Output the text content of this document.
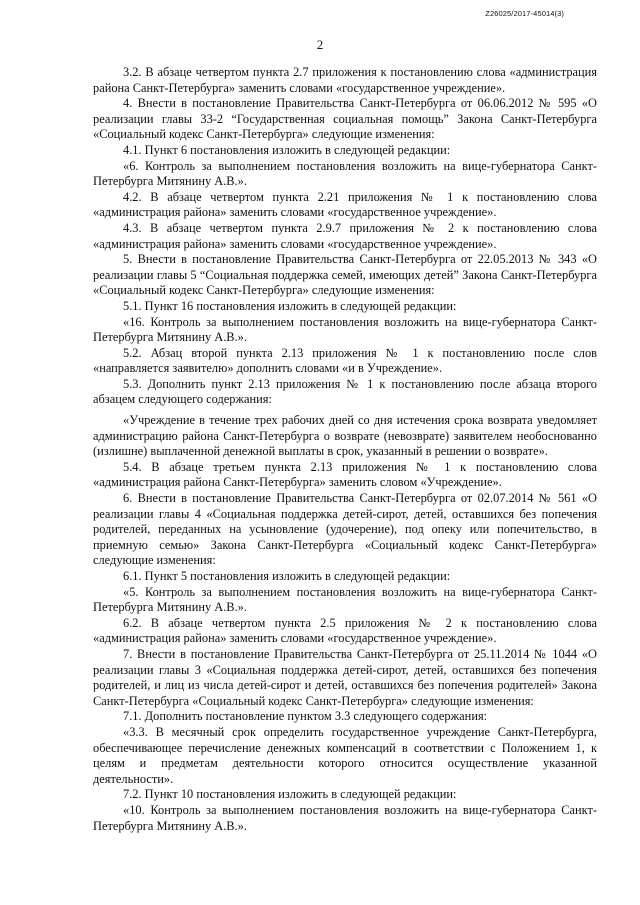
Z26025/2017-45014(3)
2

3.2. В абзаце четвертом пункта 2.7 приложения к постановлению слова «администрация района Санкт-Петербурга» заменить словами «государственное учреждение».

4. Внести в постановление Правительства Санкт-Петербурга от 06.06.2012 № 595 «О реализации главы 33-2 “Государственная социальная помощь” Закона Санкт-Петербурга «Социальный кодекс Санкт-Петербурга» следующие изменения:

4.1. Пункт 6 постановления изложить в следующей редакции:

«6. Контроль за выполнением постановления возложить на вице-губернатора Санкт-Петербурга Митянину А.В.».

4.2. В абзаце четвертом пункта 2.21 приложения № 1 к постановлению слова «администрация района» заменить словами «государственное учреждение».

4.3. В абзаце четвертом пункта 2.9.7 приложения № 2 к постановлению слова «администрация района» заменить словами «государственное учреждение».

5. Внести в постановление Правительства Санкт-Петербурга от 22.05.2013 № 343 «О реализации главы 5 “Социальная поддержка семей, имеющих детей” Закона Санкт-Петербурга «Социальный кодекс Санкт-Петербурга» следующие изменения:

5.1. Пункт 16 постановления изложить в следующей редакции:

«16. Контроль за выполнением постановления возложить на вице-губернатора Санкт-Петербурга Митянину А.В.».

5.2. Абзац второй пункта 2.13 приложения № 1 к постановлению после слов «направляется заявителю» дополнить словами «и в Учреждение».

5.3. Дополнить пункт 2.13 приложения № 1 к постановлению после абзаца второго абзацем следующего содержания:

«Учреждение в течение трех рабочих дней со дня истечения срока возврата уведомляет администрацию района Санкт-Петербурга о возврате (невозврате) заявителем необоснованно (излишне) выплаченной денежной выплаты в срок, указанный в решении о возврате».

5.4. В абзаце третьем пункта 2.13 приложения № 1 к постановлению слова «администрация района Санкт-Петербурга» заменить словом «Учреждение».

6. Внести в постановление Правительства Санкт-Петербурга от 02.07.2014 № 561 «О реализации главы 4 «Социальная поддержка детей-сирот, детей, оставшихся без попечения родителей, переданных на усыновление (удочерение), под опеку или попечительство, в приемную семью» Закона Санкт-Петербурга «Социальный кодекс Санкт-Петербурга» следующие изменения:

6.1. Пункт 5 постановления изложить в следующей редакции:

«5. Контроль за выполнением постановления возложить на вице-губернатора Санкт-Петербурга Митянину А.В.».

6.2. В абзаце четвертом пункта 2.5 приложения № 2 к постановлению слова «администрация района» заменить словами «государственное учреждение».

7. Внести в постановление Правительства Санкт-Петербурга от 25.11.2014 № 1044 «О реализации главы 3 «Социальная поддержка детей-сирот, детей, оставшихся без попечения родителей, и лиц из числа детей-сирот и детей, оставшихся без попечения родителей» Закона Санкт-Петербурга «Социальный кодекс Санкт-Петербурга» следующие изменения:

7.1. Дополнить постановление пунктом 3.3 следующего содержания:

«3.3. В месячный срок определить государственное учреждение Санкт-Петербурга, обеспечивающее перечисление денежных компенсаций в соответствии с Положением 1, к целям и предметам деятельности которого относится осуществление указанной деятельности».

7.2. Пункт 10 постановления изложить в следующей редакции:

«10. Контроль за выполнением постановления возложить на вице-губернатора Санкт-Петербурга Митянину А.В.».
